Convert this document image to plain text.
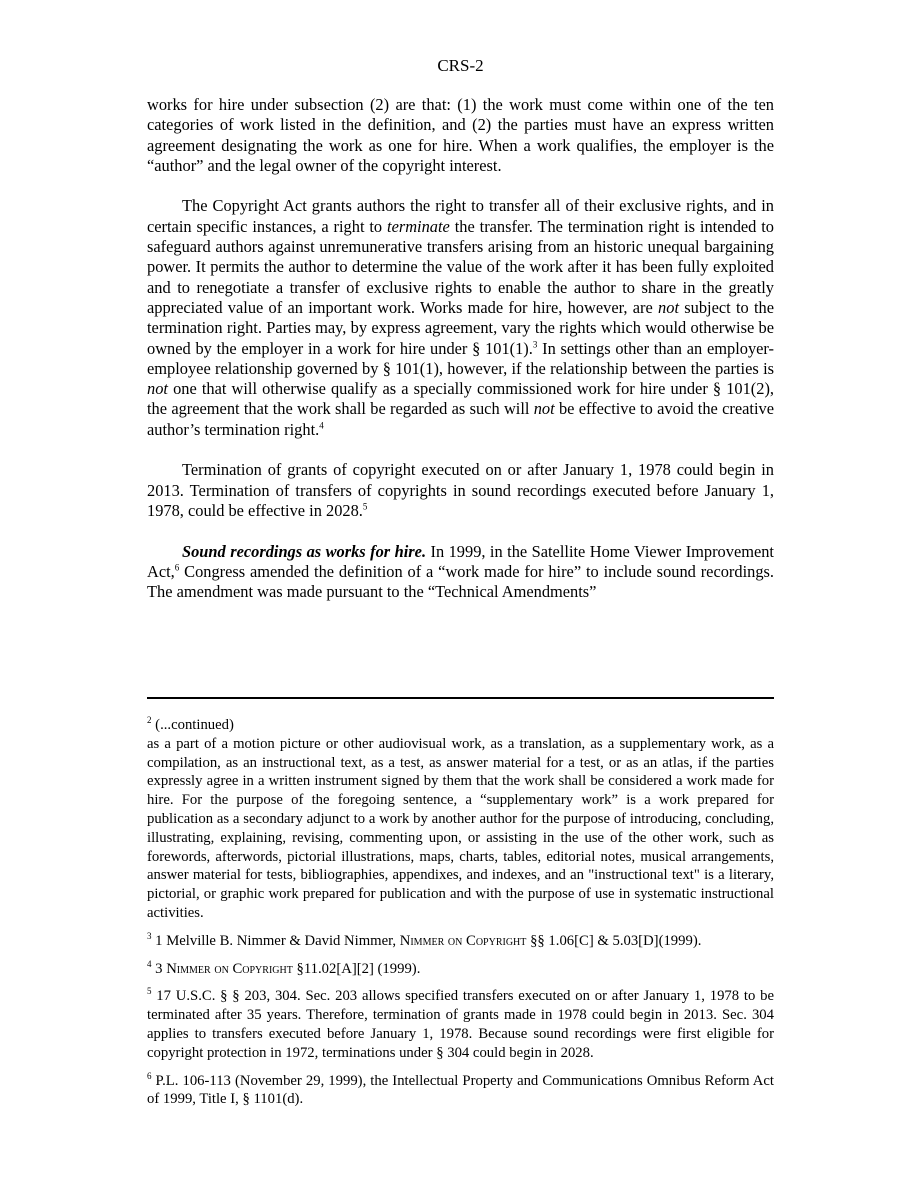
CRS-2

works for hire under subsection (2) are that: (1) the work must come within one of the ten categories of work listed in the definition, and (2) the parties must have an express written agreement designating the work as one for hire. When a work qualifies, the employer is the “author” and the legal owner of the copyright interest.

The Copyright Act grants authors the right to transfer all of their exclusive rights, and in certain specific instances, a right to terminate the transfer. The termination right is intended to safeguard authors against unremunerative transfers arising from an historic unequal bargaining power. It permits the author to determine the value of the work after it has been fully exploited and to renegotiate a transfer of exclusive rights to enable the author to share in the greatly appreciated value of an important work. Works made for hire, however, are not subject to the termination right. Parties may, by express agreement, vary the rights which would otherwise be owned by the employer in a work for hire under § 101(1).$^3$ In settings other than an employer-employee relationship governed by § 101(1), however, if the relationship between the parties is not one that will otherwise qualify as a specially commissioned work for hire under § 101(2), the agreement that the work shall be regarded as such will not be effective to avoid the creative author’s termination right.$^4$

Termination of grants of copyright executed on or after January 1, 1978 could begin in 2013. Termination of transfers of copyrights in sound recordings executed before January 1, 1978, could be effective in 2028.$^5$

Sound recordings as works for hire. In 1999, in the Satellite Home Viewer Improvement Act,$^6$ Congress amended the definition of a “work made for hire” to include sound recordings. The amendment was made pursuant to the “Technical Amendments”

$^2$ (...continued)
as a part of a motion picture or other audiovisual work, as a translation, as a supplementary work, as a compilation, as an instructional text, as a test, as answer material for a test, or as an atlas, if the parties expressly agree in a written instrument signed by them that the work shall be considered a work made for hire. For the purpose of the foregoing sentence, a “supplementary work” is a work prepared for publication as a secondary adjunct to a work by another author for the purpose of introducing, concluding, illustrating, explaining, revising, commenting upon, or assisting in the use of the other work, such as forewords, afterwords, pictorial illustrations, maps, charts, tables, editorial notes, musical arrangements, answer material for tests, bibliographies, appendixes, and indexes, and an "instructional text" is a literary, pictorial, or graphic work prepared for publication and with the purpose of use in systematic instructional activities.
$^3$ 1 Melville B. Nimmer & David Nimmer, Nimmer on Copyright §§ 1.06[C] & 5.03[D](1999).
$^4$ 3 Nimmer on Copyright §11.02[A][2] (1999).
$^5$ 17 U.S.C. § § 203, 304. Sec. 203 allows specified transfers executed on or after January 1, 1978 to be terminated after 35 years. Therefore, termination of grants made in 1978 could begin in 2013. Sec. 304 applies to transfers executed before January 1, 1978. Because sound recordings were first eligible for copyright protection in 1972, terminations under § 304 could begin in 2028.
$^6$ P.L. 106-113 (November 29, 1999), the Intellectual Property and Communications Omnibus Reform Act of 1999, Title I, § 1101(d).
